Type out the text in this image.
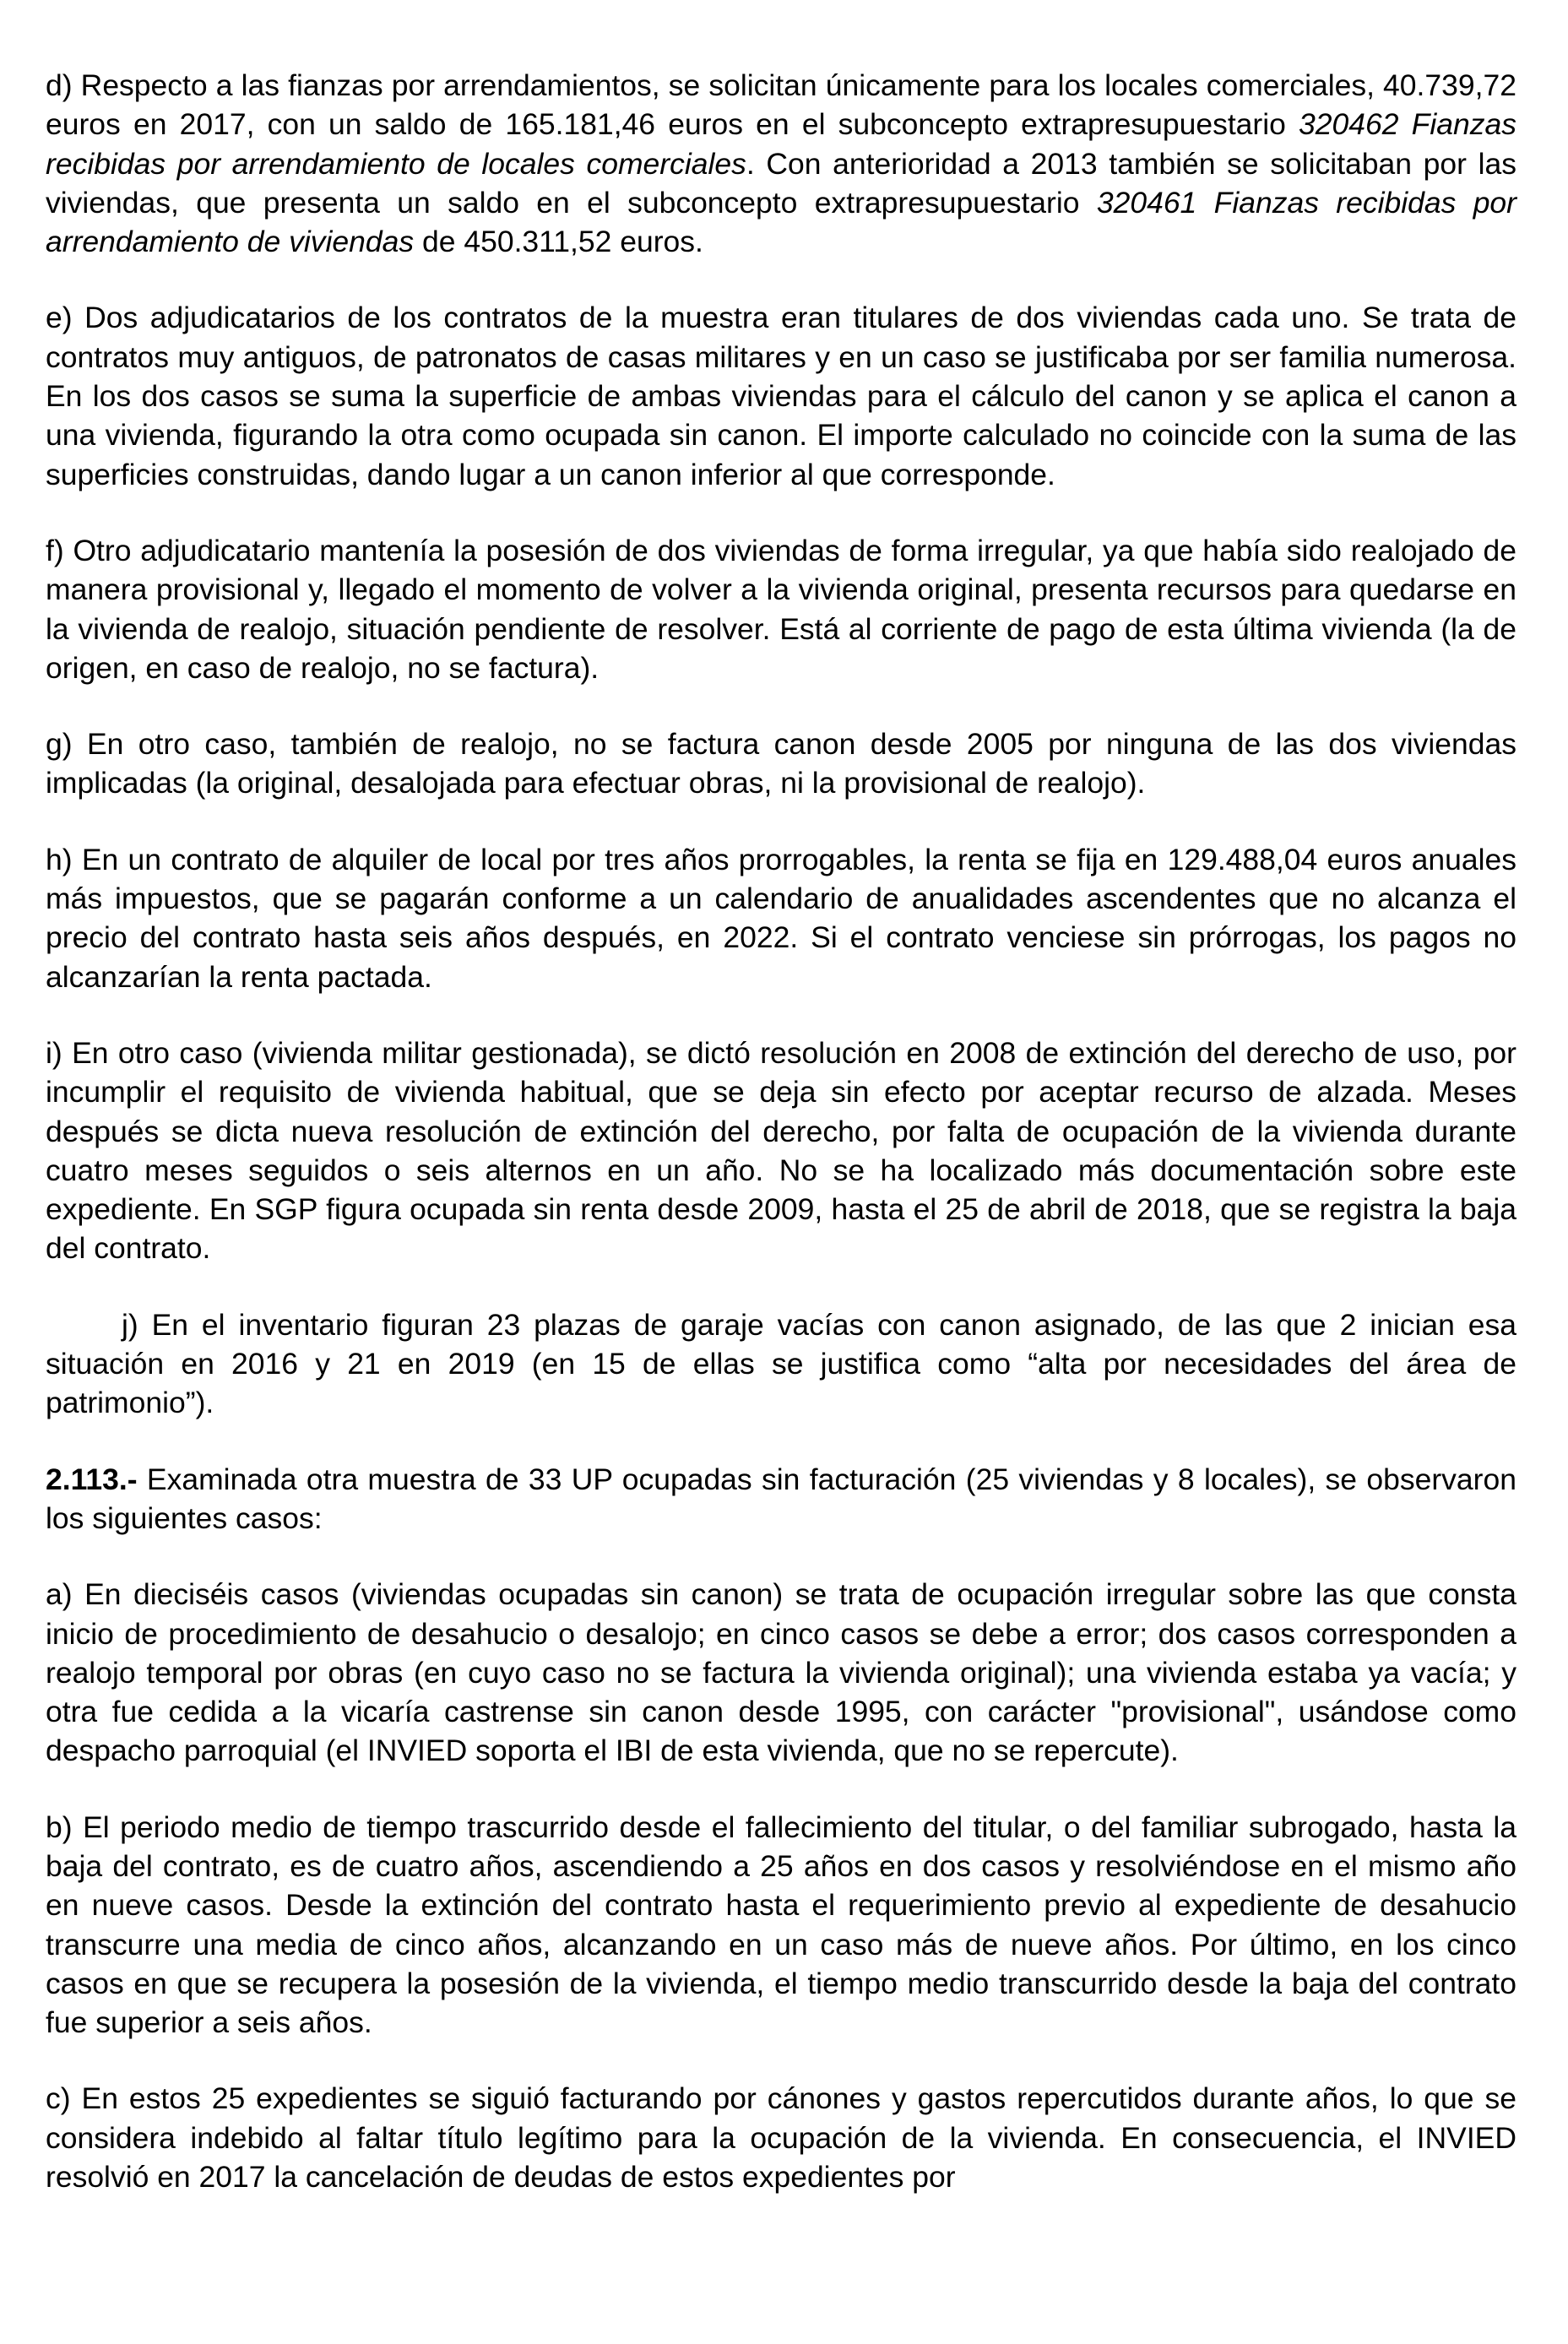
d) Respecto a las fianzas por arrendamientos, se solicitan únicamente para los locales comerciales, 40.739,72 euros en 2017, con un saldo de 165.181,46 euros en el subconcepto extrapresupuestario 320462 Fianzas recibidas por arrendamiento de locales comerciales. Con anterioridad a 2013 también se solicitaban por las viviendas, que presenta un saldo en el subconcepto extrapresupuestario 320461 Fianzas recibidas por arrendamiento de viviendas de 450.311,52 euros.

e) Dos adjudicatarios de los contratos de la muestra eran titulares de dos viviendas cada uno. Se trata de contratos muy antiguos, de patronatos de casas militares y en un caso se justificaba por ser familia numerosa. En los dos casos se suma la superficie de ambas viviendas para el cálculo del canon y se aplica el canon a una vivienda, figurando la otra como ocupada sin canon. El importe calculado no coincide con la suma de las superficies construidas, dando lugar a un canon inferior al que corresponde.

f) Otro adjudicatario mantenía la posesión de dos viviendas de forma irregular, ya que había sido realojado de manera provisional y, llegado el momento de volver a la vivienda original, presenta recursos para quedarse en la vivienda de realojo, situación pendiente de resolver. Está al corriente de pago de esta última vivienda (la de origen, en caso de realojo, no se factura).

g) En otro caso, también de realojo, no se factura canon desde 2005 por ninguna de las dos viviendas implicadas (la original, desalojada para efectuar obras, ni la provisional de realojo).

h) En un contrato de alquiler de local por tres años prorrogables, la renta se fija en 129.488,04 euros anuales más impuestos, que se pagarán conforme a un calendario de anualidades ascendentes que no alcanza el precio del contrato hasta seis años después, en 2022. Si el contrato venciese sin prórrogas, los pagos no alcanzarían la renta pactada.

i) En otro caso (vivienda militar gestionada), se dictó resolución en 2008 de extinción del derecho de uso, por incumplir el requisito de vivienda habitual, que se deja sin efecto por aceptar recurso de alzada. Meses después se dicta nueva resolución de extinción del derecho, por falta de ocupación de la vivienda durante cuatro meses seguidos o seis alternos en un año. No se ha localizado más documentación sobre este expediente. En SGP figura ocupada sin renta desde 2009, hasta el 25 de abril de 2018, que se registra la baja del contrato.

j) En el inventario figuran 23 plazas de garaje vacías con canon asignado, de las que 2 inician esa situación en 2016 y 21 en 2019 (en 15 de ellas se justifica como “alta por necesidades del área de patrimonio”).

2.113.- Examinada otra muestra de 33 UP ocupadas sin facturación (25 viviendas y 8 locales), se observaron los siguientes casos:

a) En dieciséis casos (viviendas ocupadas sin canon) se trata de ocupación irregular sobre las que consta inicio de procedimiento de desahucio o desalojo; en cinco casos se debe a error; dos casos corresponden a realojo temporal por obras (en cuyo caso no se factura la vivienda original); una vivienda estaba ya vacía; y otra fue cedida a la vicaría castrense sin canon desde 1995, con carácter "provisional", usándose como despacho parroquial (el INVIED soporta el IBI de esta vivienda, que no se repercute).

b) El periodo medio de tiempo trascurrido desde el fallecimiento del titular, o del familiar subrogado, hasta la baja del contrato, es de cuatro años, ascendiendo a 25 años en dos casos y resolviéndose en el mismo año en nueve casos. Desde la extinción del contrato hasta el requerimiento previo al expediente de desahucio transcurre una media de cinco años, alcanzando en un caso más de nueve años. Por último, en los cinco casos en que se recupera la posesión de la vivienda, el tiempo medio transcurrido desde la baja del contrato fue superior a seis años.

c) En estos 25 expedientes se siguió facturando por cánones y gastos repercutidos durante años, lo que se considera indebido al faltar título legítimo para la ocupación de la vivienda. En consecuencia, el INVIED resolvió en 2017 la cancelación de deudas de estos expedientes por
